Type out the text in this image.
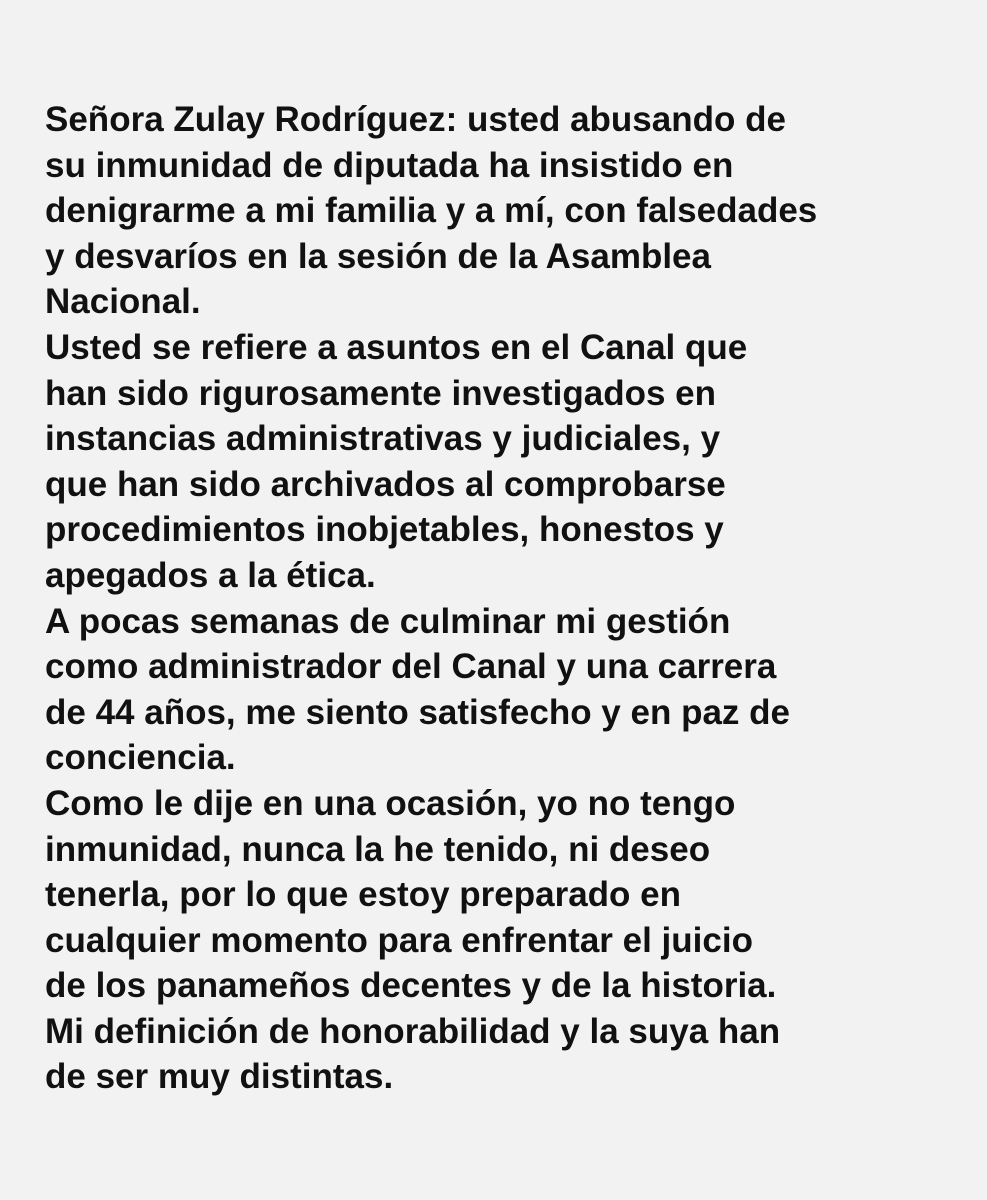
Señora Zulay Rodríguez: usted abusando de
su inmunidad de diputada ha insistido en
denigrarme a mi familia y a mí, con falsedades
y desvaríos en la sesión de la Asamblea
Nacional.
Usted se refiere a asuntos en el Canal que
han sido rigurosamente investigados en
instancias administrativas y judiciales, y
que han sido archivados al comprobarse
procedimientos inobjetables, honestos y
apegados a la ética.
A pocas semanas de culminar mi gestión
como administrador del Canal y una carrera
de 44 años, me siento satisfecho y en paz de
conciencia.
Como le dije en una ocasión, yo no tengo
inmunidad, nunca la he tenido, ni deseo
tenerla, por lo que estoy preparado en
cualquier momento para enfrentar el juicio
de los panameños decentes y de la historia.
Mi definición de honorabilidad y la suya han
de ser muy distintas.
